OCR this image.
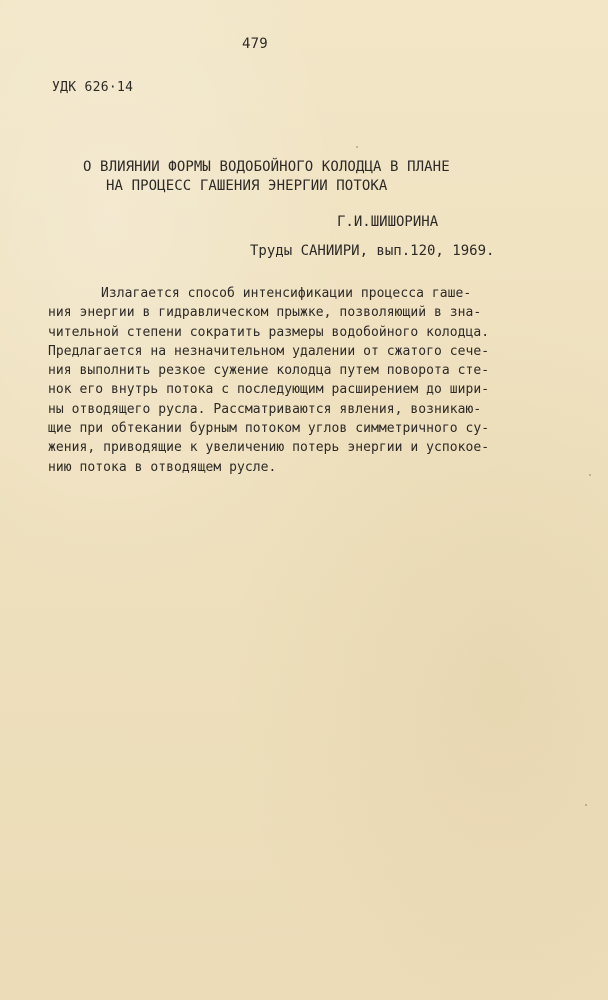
479
УДК 626·14
О ВЛИЯНИИ ФОРМЫ ВОДОБОЙНОГО КОЛОДЦА В ПЛАНЕ
НА ПРОЦЕСС ГАШЕНИЯ ЭНЕРГИИ ПОТОКА
Г.И.ШИШОРИНА
Труды САНИИРИ, вып.120, 1969.
Излагается способ интенсификации процесса гаше-
ния энергии в гидравлическом прыжке, позволяющий в зна-
чительной степени сократить размеры водобойного колодца.
Предлагается на незначительном удалении от сжатого сече-
ния выполнить резкое сужение колодца путем поворота сте-
нок его внутрь потока с последующим расширением до шири-
ны отводящего русла. Рассматриваются явления, возникаю-
щие при обтекании бурным потоком углов симметричного су-
жения, приводящие к увеличению потерь энергии и успокое-
нию потока в отводящем русле.
